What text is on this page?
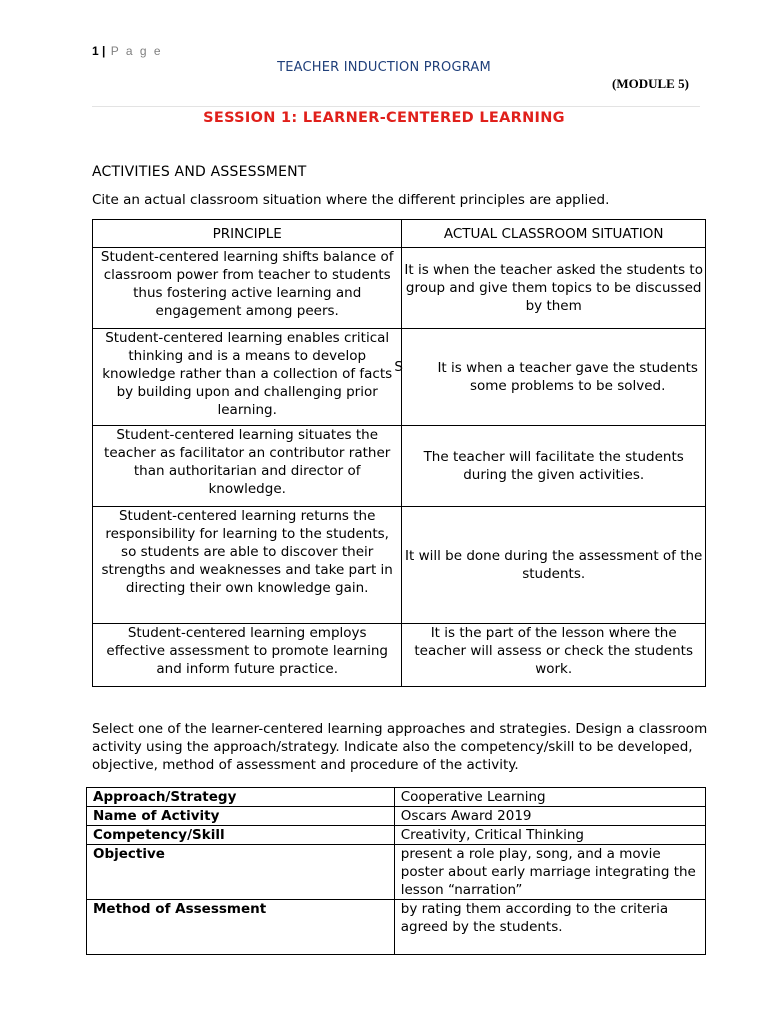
1 | P a g e
TEACHER INDUCTION PROGRAM
(MODULE 5)
SESSION 1: LEARNER-CENTERED LEARNING
ACTIVITIES AND ASSESSMENT
Cite an actual classroom situation where the different principles are applied.
PRINCIPLE	ACTUAL CLASSROOM SITUATION
Student-centered learning shifts balance of classroom power from teacher to students thus fostering active learning and engagement among peers.	It is when the teacher asked the students to group and give them topics to be discussed by them
Student-centered learning enables critical thinking and is a means to develop knowledge rather than a collection of facts by building upon and challenging prior learning.	S It is when a teacher gave the students some problems to be solved.

Student-centered learning situates the teacher as facilitator an contributor rather than authoritarian and director of knowledge.	The teacher will facilitate the students during the given activities.
Student-centered learning returns the responsibility for learning to the students, so students are able to discover their strengths and weaknesses and take part in directing their own knowledge gain.	It will be done during the assessment of the students.
Student-centered learning employs effective assessment to promote learning and inform future practice.	It is the part of the lesson where the teacher will assess or check the students work.
Select one of the learner-centered learning approaches and strategies. Design a classroom activity using the approach/strategy. Indicate also the competency/skill to be developed, objective, method of assessment and procedure of the activity.
Approach/Strategy	Cooperative Learning
Name of Activity	Oscars Award 2019
Competency/Skill	Creativity, Critical Thinking
Objective	present a role play, song, and a movie poster about early marriage integrating the lesson “narration”
Method of Assessment	by rating them according to the criteria agreed by the students.
